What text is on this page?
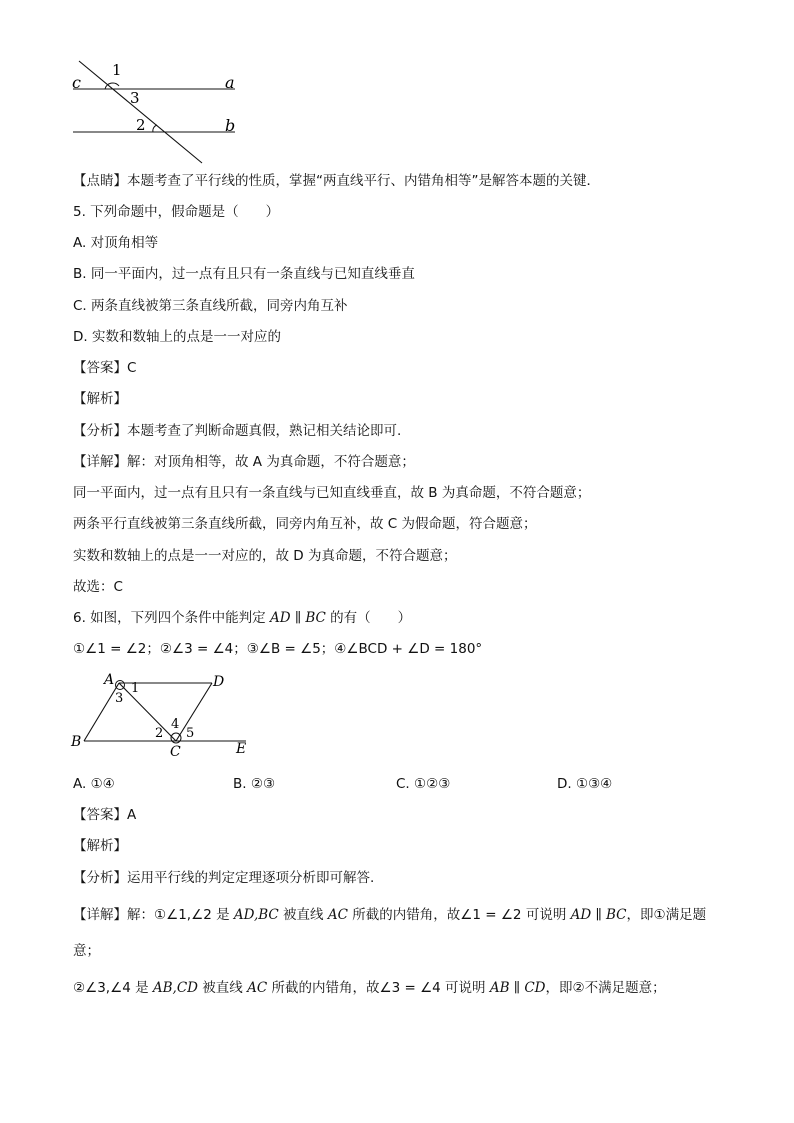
c	a
b
1
3
2
【点睛】本题考查了平行线的性质，掌握“两直线平行、内错角相等”是解答本题的关键．
5. 下列命题中，假命题是（　　）
A. 对顶角相等
B. 同一平面内，过一点有且只有一条直线与已知直线垂直
C. 两条直线被第三条直线所截，同旁内角互补
D. 实数和数轴上的点是一一对应的
【答案】C
【解析】
【分析】本题考查了判断命题真假，熟记相关结论即可.
【详解】解：对顶角相等，故 A 为真命题，不符合题意；
同一平面内，过一点有且只有一条直线与已知直线垂直，故 B 为真命题，不符合题意；
两条平行直线被第三条直线所截，同旁内角互补，故 C 为假命题，符合题意；
实数和数轴上的点是一一对应的，故 D 为真命题，不符合题意；
故选：C
6. 如图，下列四个条件中能判定 AD ∥ BC 的有（　　）
①∠1 = ∠2；②∠3 = ∠4；③∠B = ∠5；④∠BCD + ∠D = 180°
A	D
B
C	E
1
3
4
2 5
A. ①④	B. ②③	C. ①②③	D. ①③④
【答案】A
【解析】
【分析】运用平行线的判定定理逐项分析即可解答.
【详解】解：①∠1,∠2 是 AD,BC 被直线 AC 所截的内错角，故∠1 = ∠2 可说明 AD ∥ BC，即①满足题
意；
②∠3,∠4 是 AB,CD 被直线 AC 所截的内错角，故∠3 = ∠4 可说明 AB ∥ CD，即②不满足题意；
